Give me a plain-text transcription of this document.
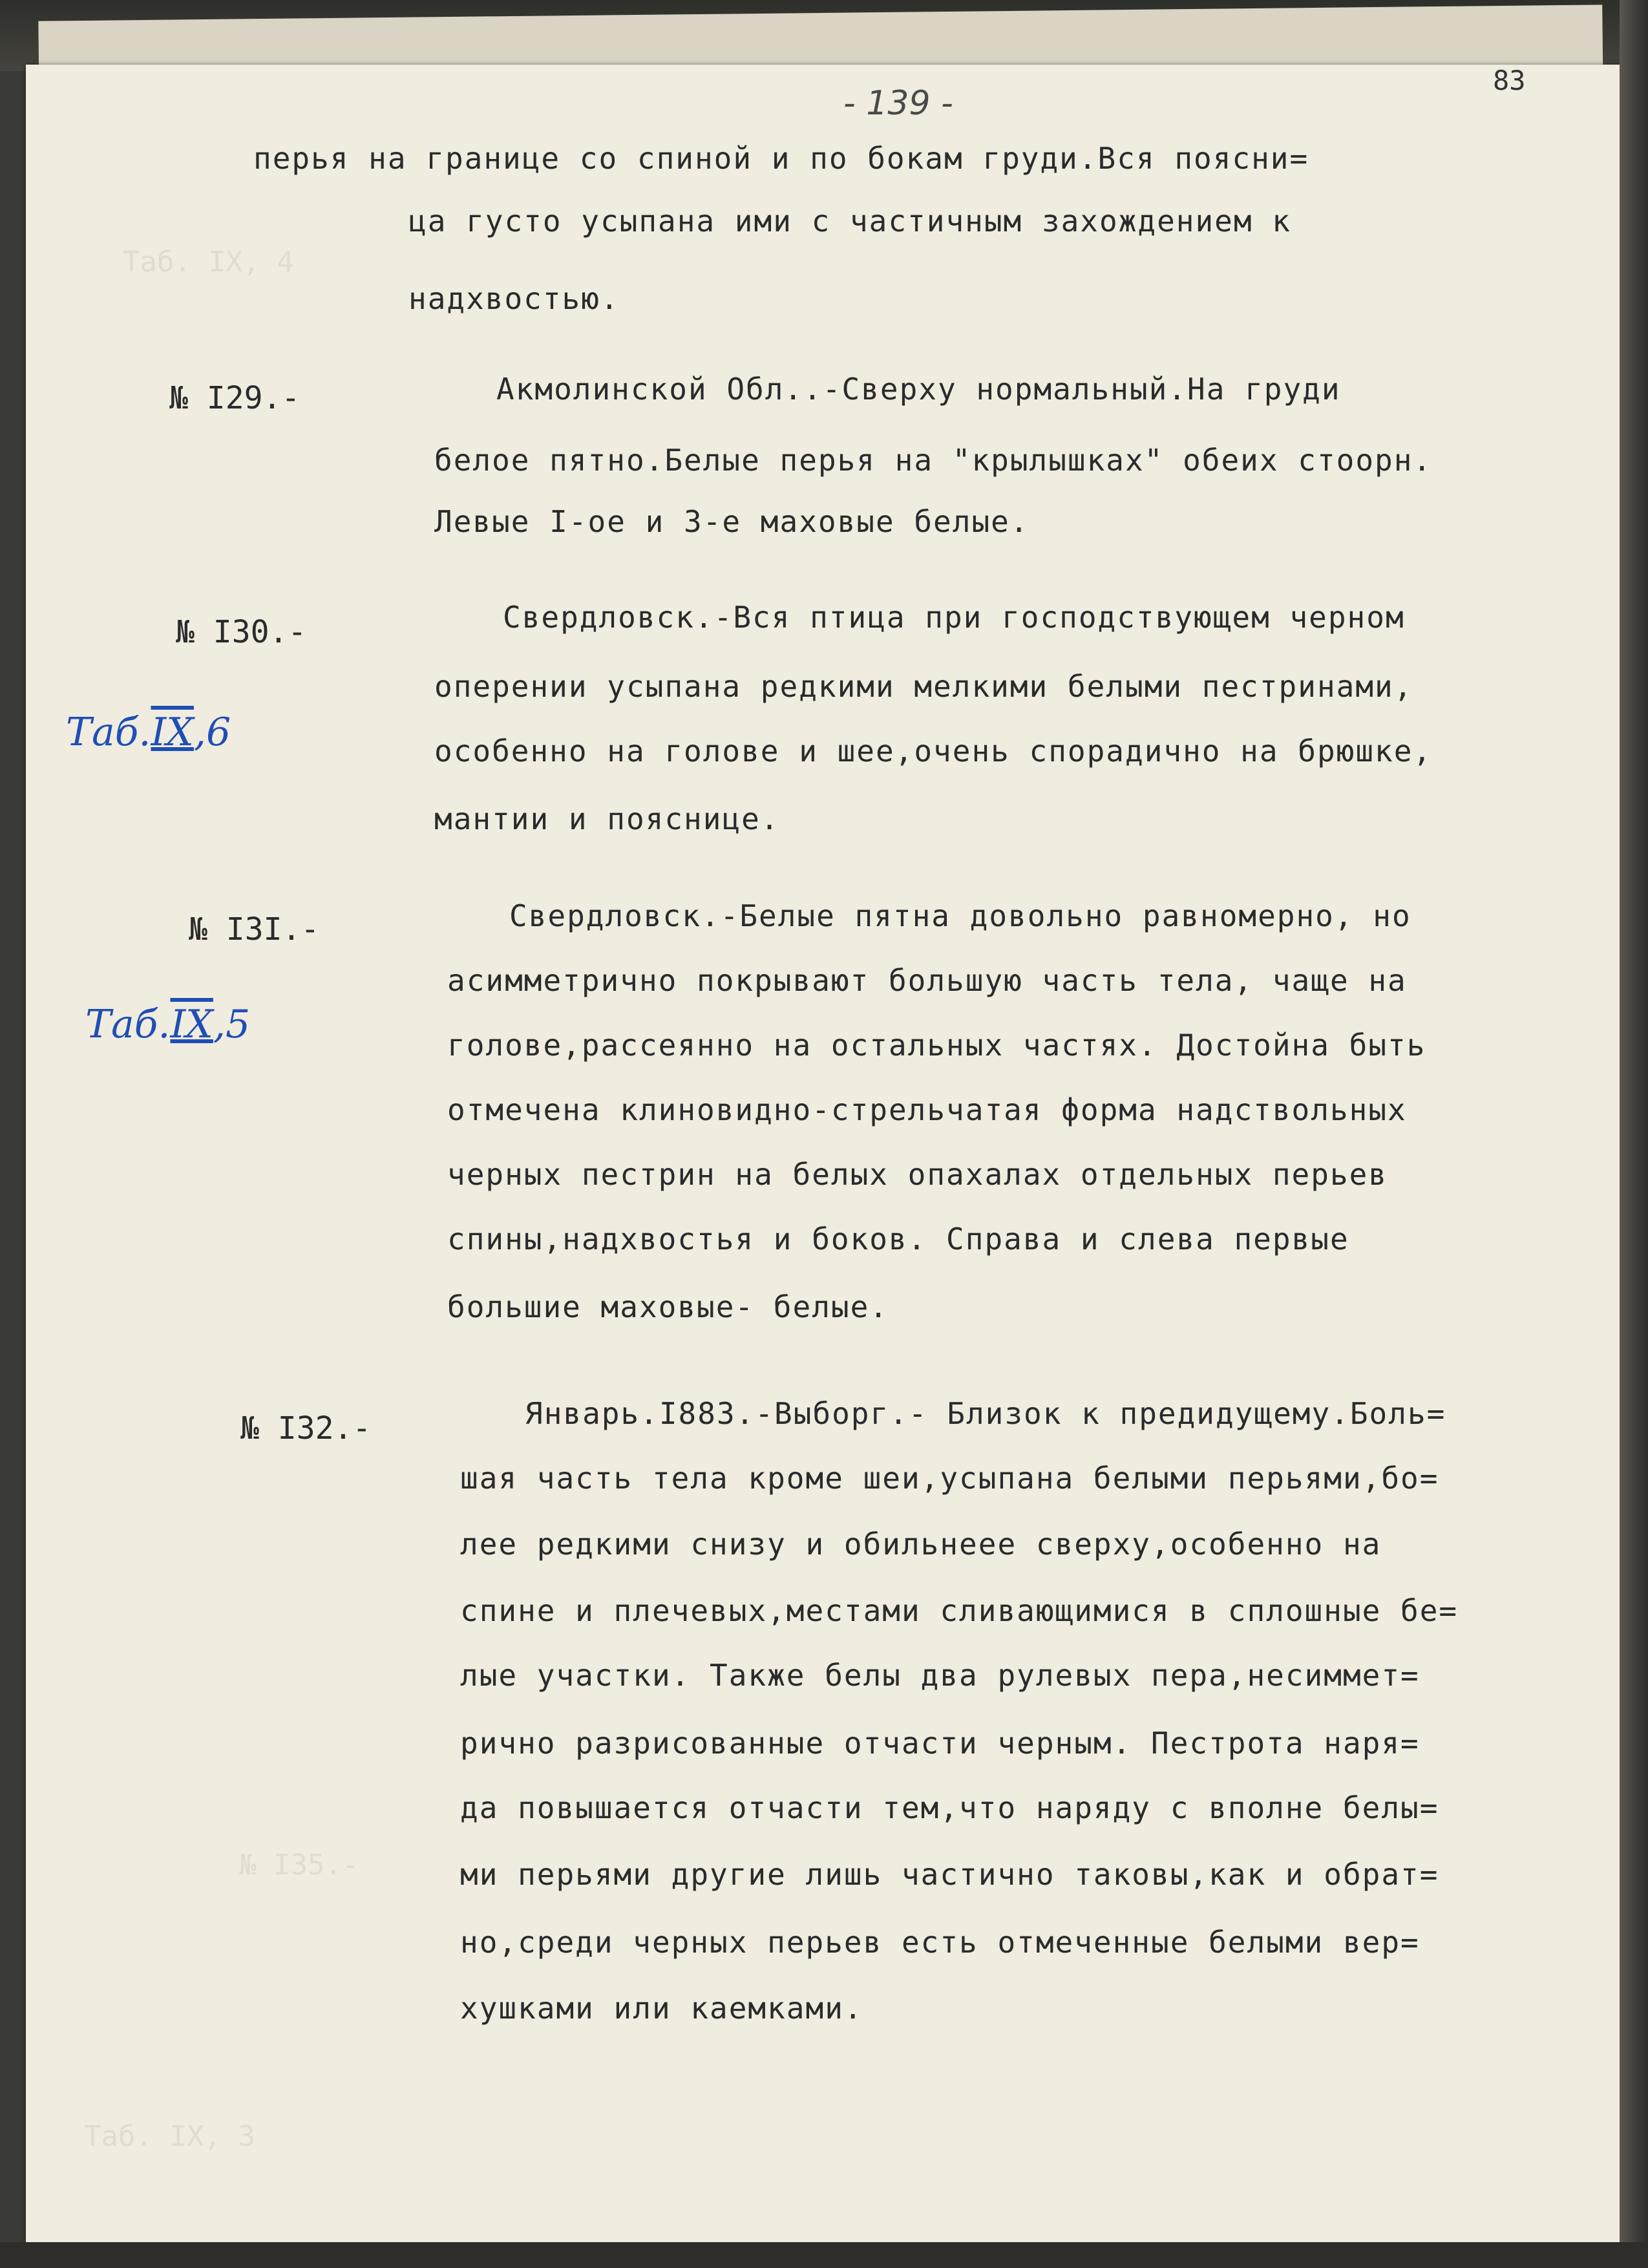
Таб. IX, 4
Таб. IX, 3
№ I35.-
- 139 -
83
перья на границе со спиной и по бокам груди.Вся поясни=
ца густо усыпана ими с частичным захождением к
надхвостью.
№ I29.-	Акмолинской Обл..-Сверху нормальный.На груди
белое пятно.Белые перья на "крылышках" обеих стоорн.
Левые I-ое и 3-е маховые белые.
№ I30.-
Таб.IX,6
Свердловск.-Вся птица при господствующем черном
оперении усыпана редкими мелкими белыми пестринами,
особенно на голове и шее,очень спорадично на брюшке,
мантии и пояснице.
№ I3I.-
Таб.IX,5
Свердловск.-Белые пятна довольно равномерно, но
асимметрично покрывают большую часть тела, чаще на
голове,рассеянно на остальных частях. Достойна быть
отмечена клиновидно-стрельчатая форма надствольных
черных пестрин на белых опахалах отдельных перьев
спины,надхвостья и боков. Справа и слева первые
большие маховые- белые.
№ I32.-	Январь.I883.-Выборг.- Близок к предидущему.Боль=
шая часть тела кроме шеи,усыпана белыми перьями,бо=
лее редкими снизу и обильнеее сверху,особенно на
спине и плечевых,местами сливающимися в сплошные бе=
лые участки. Также белы два рулевых пера,несиммет=
рично разрисованные отчасти черным. Пестрота наря=
да повышается отчасти тем,что наряду с вполне белы=
ми перьями другие лишь частично таковы,как и обрат=
но,среди черных перьев есть отмеченные белыми вер=
хушками или каемками.
